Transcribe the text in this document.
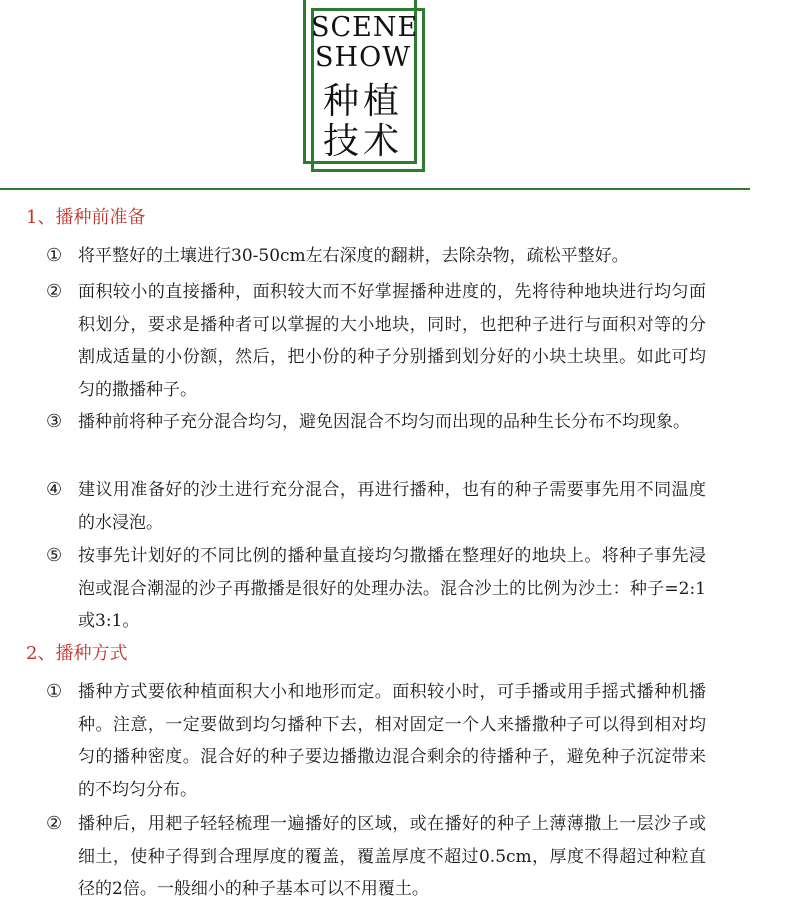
SCENE
SHOW
种植
技术
1、播种前准备
① 将平整好的土壤进行30-50cm左右深度的翻耕，去除杂物，疏松平整好。
② 面积较小的直接播种，面积较大而不好掌握播种进度的，先将待种地块进行均匀面积划分，要求是播种者可以掌握的大小地块，同时，也把种子进行与面积对等的分割成适量的小份额，然后，把小份的种子分别播到划分好的小块土块里。如此可均匀的撒播种子。
③ 播种前将种子充分混合均匀，避免因混合不均匀而出现的品种生长分布不均现象。
④ 建议用准备好的沙土进行充分混合，再进行播种，也有的种子需要事先用不同温度的水浸泡。
⑤ 按事先计划好的不同比例的播种量直接均匀撒播在整理好的地块上。将种子事先浸泡或混合潮湿的沙子再撒播是很好的处理办法。混合沙土的比例为沙土：种子=2:1或3:1。
2、播种方式
① 播种方式要依种植面积大小和地形而定。面积较小时，可手播或用手摇式播种机播种。注意，一定要做到均匀播种下去，相对固定一个人来播撒种子可以得到相对均匀的播种密度。混合好的种子要边播撒边混合剩余的待播种子，避免种子沉淀带来的不均匀分布。
② 播种后，用耙子轻轻梳理一遍播好的区域，或在播好的种子上薄薄撒上一层沙子或细土，使种子得到合理厚度的覆盖，覆盖厚度不超过0.5cm，厚度不得超过种粒直径的2倍。一般细小的种子基本可以不用覆土。
